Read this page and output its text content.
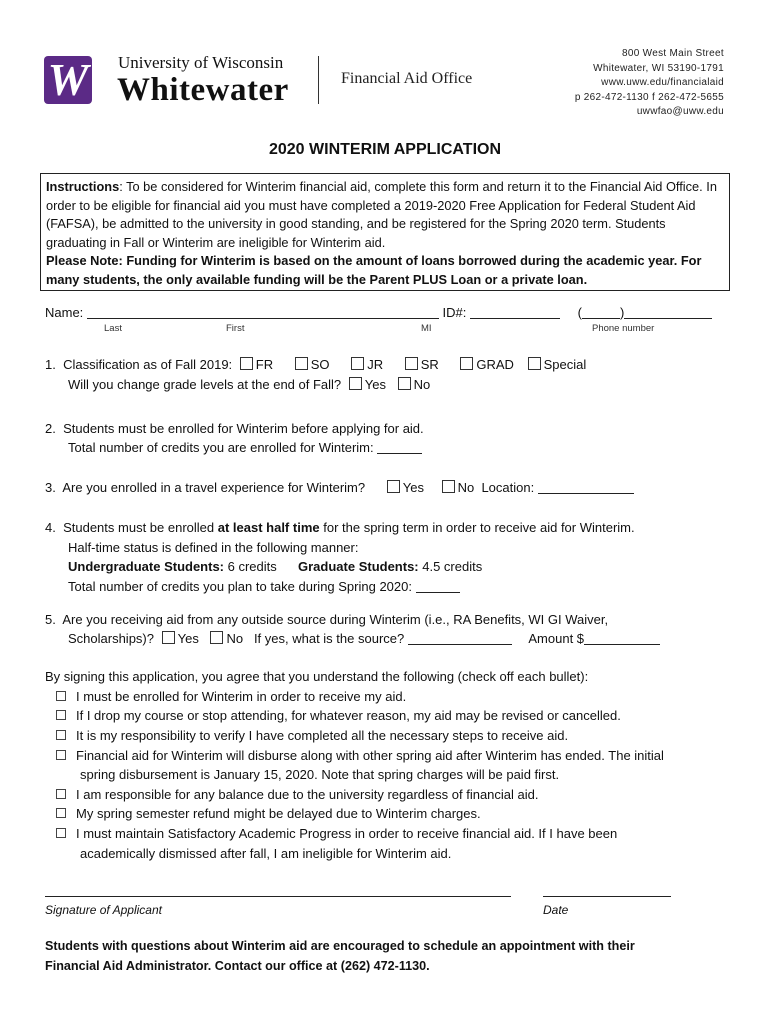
W University of Wisconsin
Whitewater	Financial Aid Office
800 West Main Street
Whitewater, WI 53190-1791
www.uww.edu/financialaid
p 262-472-1130 f 262-472-5655
uwwfao@uww.edu
2020 WINTERIM APPLICATION
Instructions: To be considered for Winterim financial aid, complete this form and return it to the Financial Aid Office. In order to be eligible for financial aid you must have completed a 2019-2020 Free Application for Federal Student Aid (FAFSA), be admitted to the university in good standing, and be registered for the Spring 2020 term. Students graduating in Fall or Winterim are ineligible for Winterim aid.
Please Note: Funding for Winterim is based on the amount of loans borrowed during the academic year. For many students, the only available funding will be the Parent PLUS Loan or a private loan.
Name:	ID#:	(	)
Last	First	MI	Phone number
1. Classification as of Fall 2019: FR	SO	JR	SR	GRAD Special
Will you change grade levels at the end of Fall? Yes No
2. Students must be enrolled for Winterim before applying for aid.
Total number of credits you are enrolled for Winterim:
3. Are you enrolled in a travel experience for Winterim?	Yes	No Location:
4. Students must be enrolled at least half time for the spring term in order to receive aid for Winterim.
Half-time status is defined in the following manner:
Undergraduate Students: 6 credits Graduate Students: 4.5 credits
Total number of credits you plan to take during Spring 2020:
5. Are you receiving aid from any outside source during Winterim (i.e., RA Benefits, WI GI Waiver,
Scholarships)? Yes No If yes, what is the source?	Amount $
By signing this application, you agree that you understand the following (check off each bullet):
I must be enrolled for Winterim in order to receive my aid.
If I drop my course or stop attending, for whatever reason, my aid may be revised or cancelled.
It is my responsibility to verify I have completed all the necessary steps to receive aid.
Financial aid for Winterim will disburse along with other spring aid after Winterim has ended. The initial
spring disbursement is January 15, 2020. Note that spring charges will be paid first.
I am responsible for any balance due to the university regardless of financial aid.
My spring semester refund might be delayed due to Winterim charges.
I must maintain Satisfactory Academic Progress in order to receive financial aid. If I have been
academically dismissed after fall, I am ineligible for Winterim aid.
Signature of Applicant	Date
Students with questions about Winterim aid are encouraged to schedule an appointment with their
Financial Aid Administrator. Contact our office at (262) 472-1130.
